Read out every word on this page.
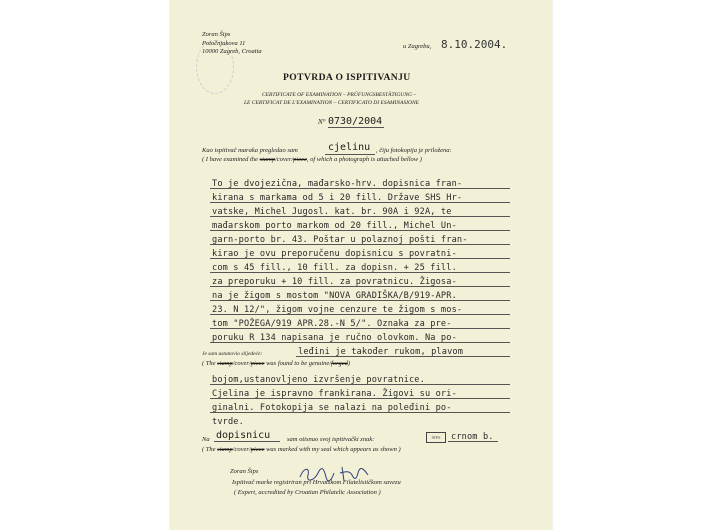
Zoran Šips
Potočnjakova 11
10000 Zagreb, Croatia
u Zagrebu, 8.10.2004.
POTVRDA O ISPITIVANJU
CERTIFICATE OF EXAMINATION – PRÜFUNGSBESTÄTIGUNG –
LE CERTIFICAT DE L'EXAMINATION – CERTIFICATO DI ESAMINASIONE
N° 0730/2004
Kao ispitivač maraka pregledao sam	cjelinu , čiju fotokopija je priložena:
( I have examined the stamp/cover/piece, of which a photograph is attached bellow )
To je dvojezična, mađarsko-hrv. dopisnica fran-
kirana s markama od 5 i 20 fill. Države SHS Hr-
vatske, Michel Jugosl. kat. br. 90A i 92A, te
mađarskom porto markom od 20 fill., Michel Un-
garn-porto br. 43. Poštar u polaznoj pošti fran-
kirao je ovu preporučenu dopisnicu s povratni-
com s 45 fill., 10 fill. za dopisn. + 25 fill.
za preporuku + 10 fill. za povratnicu. Žigosa-
na je žigom s mostom "NOVA GRADIŠKA/B/919-APR.
23. N 12/", žigom vojne cenzure te žigom s mos-
tom "POŽEGA/919 APR.28.-N 5/". Oznaka za pre-
poruku R 134 napisana je ručno olovkom. Na po-
Je sam ustanovio slijedeće:	leđini je također rukom, plavom
( The stamp/cover/piece was found to be genuine/forged)
bojom,ustanovljeno izvršenje povratnice.
Cjelina je ispravno frankirana. Žigovi su ori-
ginalni. Fotokopija se nalazi na poleđini po-
tvrde.
Na dopisnicu	sam otisnuo svoj ispitivački znak:	ŠIPS	crnom b.
( The stamp/cover/piece was marked with my seal which appears as shown )
Zoran Šips
Ispitivač marke registriran pri Hrvatskom Filatelističkom savezu
( Expert, accredited by Croatian Philatelic Association )
